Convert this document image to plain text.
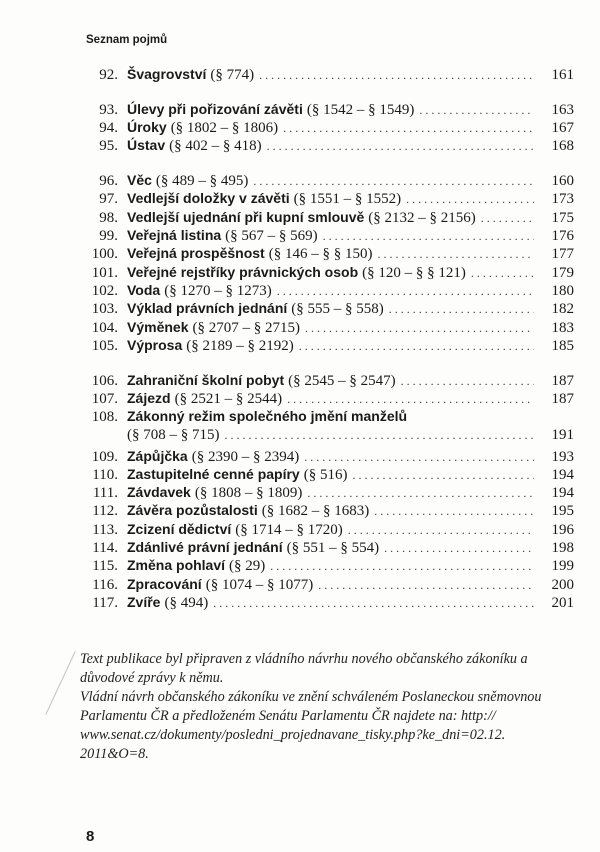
Seznam pojmů
92. Švagrovství (§ 774) . . .	161
93. Úlevy při pořizování závěti (§ 1542 – § 1549) . . .	163
94. Úroky (§ 1802 – § 1806) . . .	167
95. Ústav (§ 402 – § 418) . . .	168
96. Věc (§ 489 – § 495) . . .	160
97. Vedlejší doložky v závěti (§ 1551 – § 1552) . . .	173
98. Vedlejší ujednání při kupní smlouvě (§ 2132 – § 2156) . . .	175
99. Veřejná listina (§ 567 – § 569) . . .	176
100. Veřejná prospěšnost (§ 146 – § § 150) . . .	177
101. Veřejné rejstříky právnických osob (§ 120 – § § 121) . . .	179
102. Voda (§ 1270 – § 1273) . . .	180
103. Výklad právních jednání (§ 555 – § 558) . . .	182
104. Výměnek (§ 2707 – § 2715) . . .	183
105. Výprosa (§ 2189 – § 2192) . . .	185
106. Zahraniční školní pobyt (§ 2545 – § 2547) . . .	187
107. Zájezd (§ 2521 – § 2544) . . .	187
108. Zákonný režim společného jmění manželů
(§ 708 – § 715) . . .	191
109. Zápůjčka (§ 2390 – § 2394) . . .	193
110. Zastupitelné cenné papíry (§ 516) . . .	194
111. Závdavek (§ 1808 – § 1809) . . .	194
112. Závěra pozůstalosti (§ 1682 – § 1683) . . .	195
113. Zcizení dědictví (§ 1714 – § 1720) . . .	196
114. Zdánlivé právní jednání (§ 551 – § 554) . . .	198
115. Změna pohlaví (§ 29) . . .	199
116. Zpracování (§ 1074 – § 1077) . . .	200
117. Zvíře (§ 494) . . .	201
Text publikace byl připraven z vládního návrhu nového občanského zákoníku a důvodové zprávy k němu.
Vládní návrh občanského zákoníku ve znění schváleném Poslaneckou sněmovnou Parlamentu ČR a předloženém Senátu Parlamentu ČR najdete na: http:// www.senat.cz/dokumenty/posledni_projednavane_tisky.php?ke_dni=02.12. 2011&O=8.
8
